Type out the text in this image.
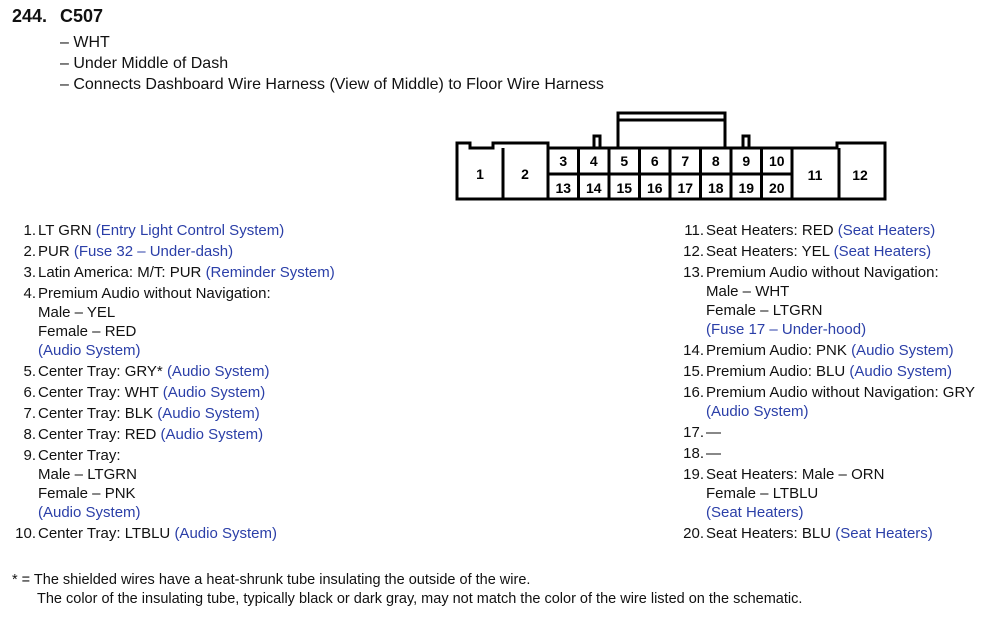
244. C507
– WHT
– Under Middle of Dash
– Connects Dashboard Wire Harness (View of Middle) to Floor Wire Harness
3 4 5 6 7 8 9 10
13 14 15 16 17 18 19 20
1	2	11 12
1. LT GRN (Entry Light Control System)
2. PUR (Fuse 32 – Under-dash)
3. Latin America: M/T: PUR (Reminder System)
4. Premium Audio without Navigation:
Male – YEL
Female – RED
(Audio System)
5. Center Tray: GRY* (Audio System)
6. Center Tray: WHT (Audio System)
7. Center Tray: BLK (Audio System)
8. Center Tray: RED (Audio System)
9. Center Tray:
Male – LTGRN
Female – PNK
(Audio System)
10. Center Tray: LTBLU (Audio System)
11. Seat Heaters: RED (Seat Heaters)
12. Seat Heaters: YEL (Seat Heaters)
13. Premium Audio without Navigation:
Male – WHT
Female – LTGRN
(Fuse 17 – Under-hood)
14. Premium Audio: PNK (Audio System)
15. Premium Audio: BLU (Audio System)
16. Premium Audio without Navigation: GRY
(Audio System)
17. —
18. —
19. Seat Heaters: Male – ORN
Female – LTBLU
(Seat Heaters)
20. Seat Heaters: BLU (Seat Heaters)
* = The shielded wires have a heat-shrunk tube insulating the outside of the wire.
The color of the insulating tube, typically black or dark gray, may not match the color of the wire listed on the schematic.
